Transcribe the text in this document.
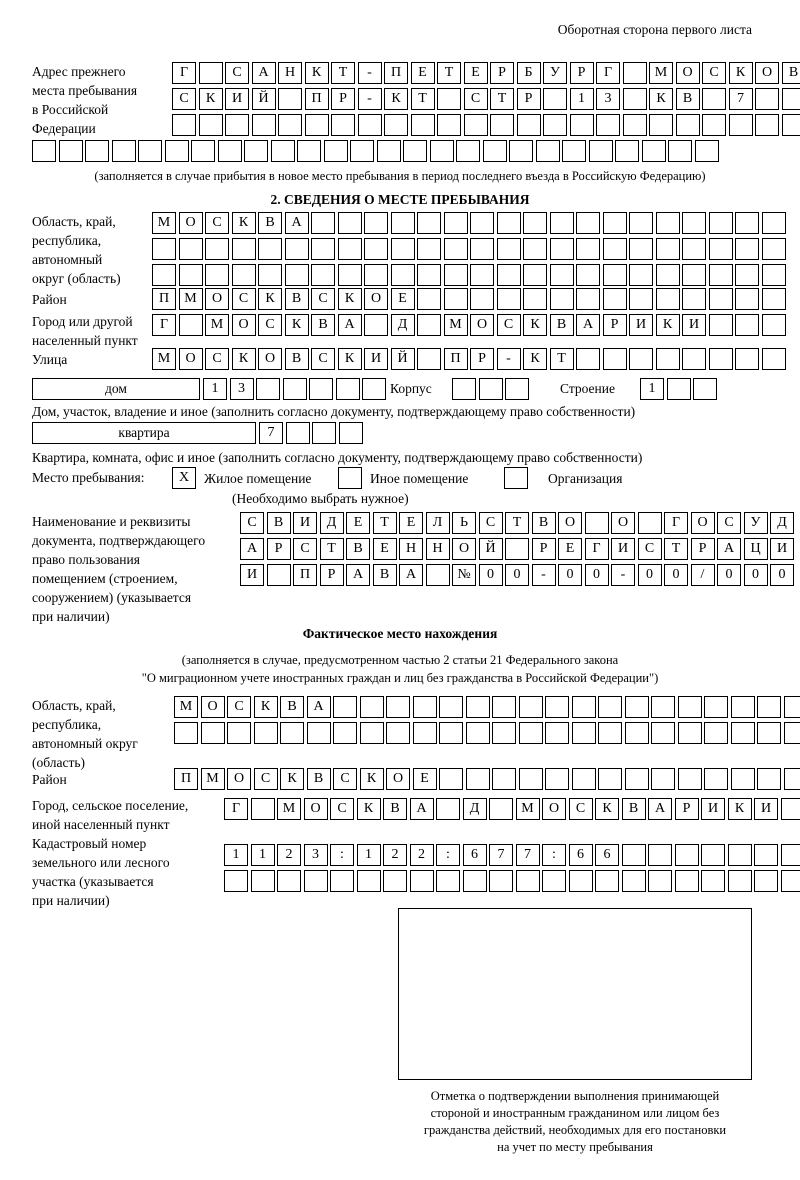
Оборотная сторона первого листа
Адрес прежнего
места пребывания
в Российской
Федерации
Г	С	А	Н	К	Т	-	П	Е	Т	Е	Р	Б	У	Р	Г	М	О	С	К	О	В
С	К	И	Й	П	Р	-	К	Т	С	Т	Р	1	3	К	В	7
(заполняется в случае прибытия в новое место пребывания в период последнего въезда в Российскую Федерацию)
2. СВЕДЕНИЯ О МЕСТЕ ПРЕБЫВАНИЯ
Область, край,
республика,
автономный
округ (область)
М	О	С	К	В	А
Район	П	М	О	С	К	В	С	К	О	Е
Город или другой
населенный пункт
Г	М	О	С	К	В	А	Д	М	О	С	К	В	А	Р	И	К	И
Улица	М	О	С	К	О	В	С	К	И	Й	П	Р	-	К	Т
дом	1	3	Корпус	Строение	1
Дом, участок, владение и иное (заполнить согласно документу, подтверждающему право собственности)
квартира	7
Квартира, комната, офис и иное (заполнить согласно документу, подтверждающему право собственности)
Место пребывания:	Х	Жилое помещение	Иное помещение	Организация
(Необходимо выбрать нужное)
Наименование и реквизиты
документа, подтверждающего
право пользования
помещением (строением,
сооружением) (указывается
при наличии)
С	В	И	Д	Е	Т	Е	Л	Ь	С	Т	В	О	О	Г	О	С	У	Д
А	Р	С	Т	В	Е	Н	Н	О	Й	Р	Е	Г	И	С	Т	Р	А	Ц	И
И	П	Р	А	В	А	№	0	0	-	0	0	-	0	0	/	0	0	0
Фактическое место нахождения
(заполняется в случае, предусмотренном частью 2 статьи 21 Федерального закона
"О миграционном учете иностранных граждан и лиц без гражданства в Российской Федерации")
Область, край,
республика,
автономный округ
(область)
М	О	С	К	В	А
Район	П	М	О	С	К	В	С	К	О	Е
Город, сельское поселение,
иной населенный пункт
Г	М	О	С	К	В	А	Д	М	О	С	К	В	А	Р	И	К	И
Кадастровый номер
земельного или лесного
участка (указывается
при наличии)
1	1	2	3	:	1	2	2	:	6	7	7	:	6	6
Отметка о подтверждении выполнения принимающей
стороной и иностранным гражданином или лицом без
гражданства действий, необходимых для его постановки
на учет по месту пребывания
